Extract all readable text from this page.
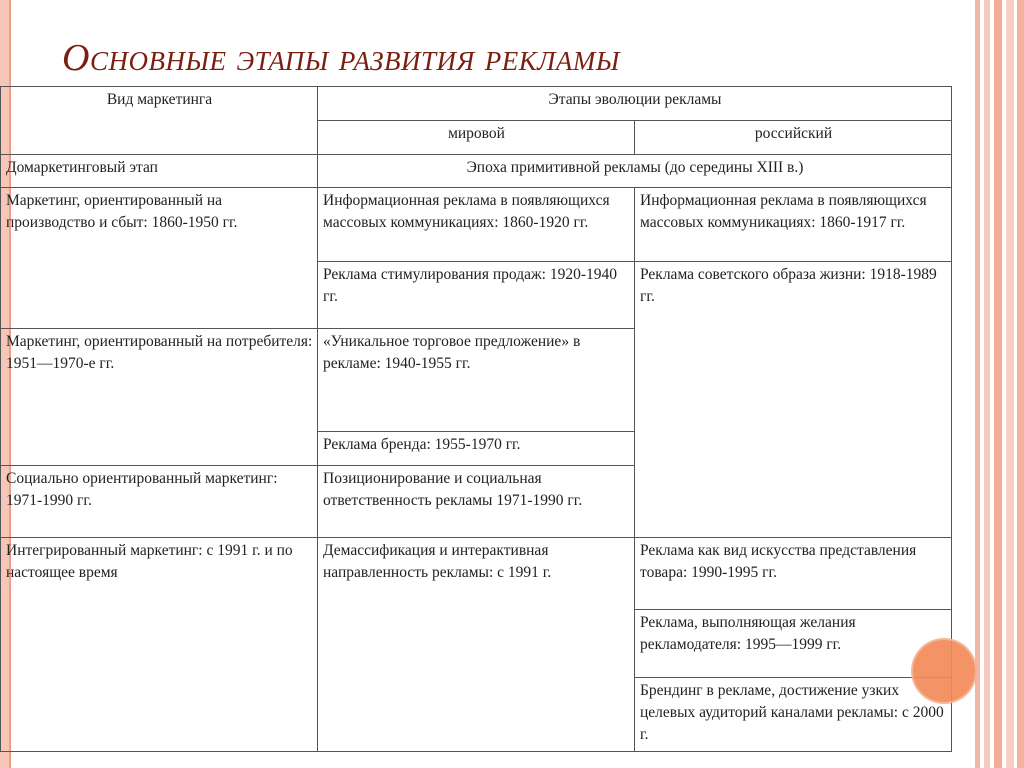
Основные этапы развития рекламы
Вид маркетинга	Этапы эволюции рекламы	
	мировой	российский
Домаркетинговый этап	Эпоха примитивной рекламы (до середины XIII в.)	
Маркетинг, ориентированный на производство и сбыт: 1860-1950 гг.	Информационная реклама в появляющихся массовых коммуникациях: 1860-1920 гг.	Информационная реклама в появляющихся массовых коммуникациях: 1860-1917 гг.
	Реклама стимулирования продаж: 1920-1940 гг.	Реклама советского образа жизни: 1918-1989 гг.
Маркетинг, ориентированный на потребителя: 1951—1970-е гг.	«Уникальное торговое предложение» в рекламе: 1940-1955 гг.	
	Реклама бренда: 1955-1970 гг.	
Социально ориентированный маркетинг: 1971-1990 гг.	Позиционирование и социальная ответственность рекламы 1971-1990 гг.	
Интегрированный маркетинг: с 1991 г. и по настоящее время	Демассификация и интерактивная направленность рекламы: с 1991 г.	Реклама как вид искусства представления товара: 1990-1995 гг.
		Реклама, выполняющая желания рекламодателя: 1995—1999 гг.
		Брендинг в рекламе, достижение узких целевых аудиторий каналами рекламы: с 2000 г.
